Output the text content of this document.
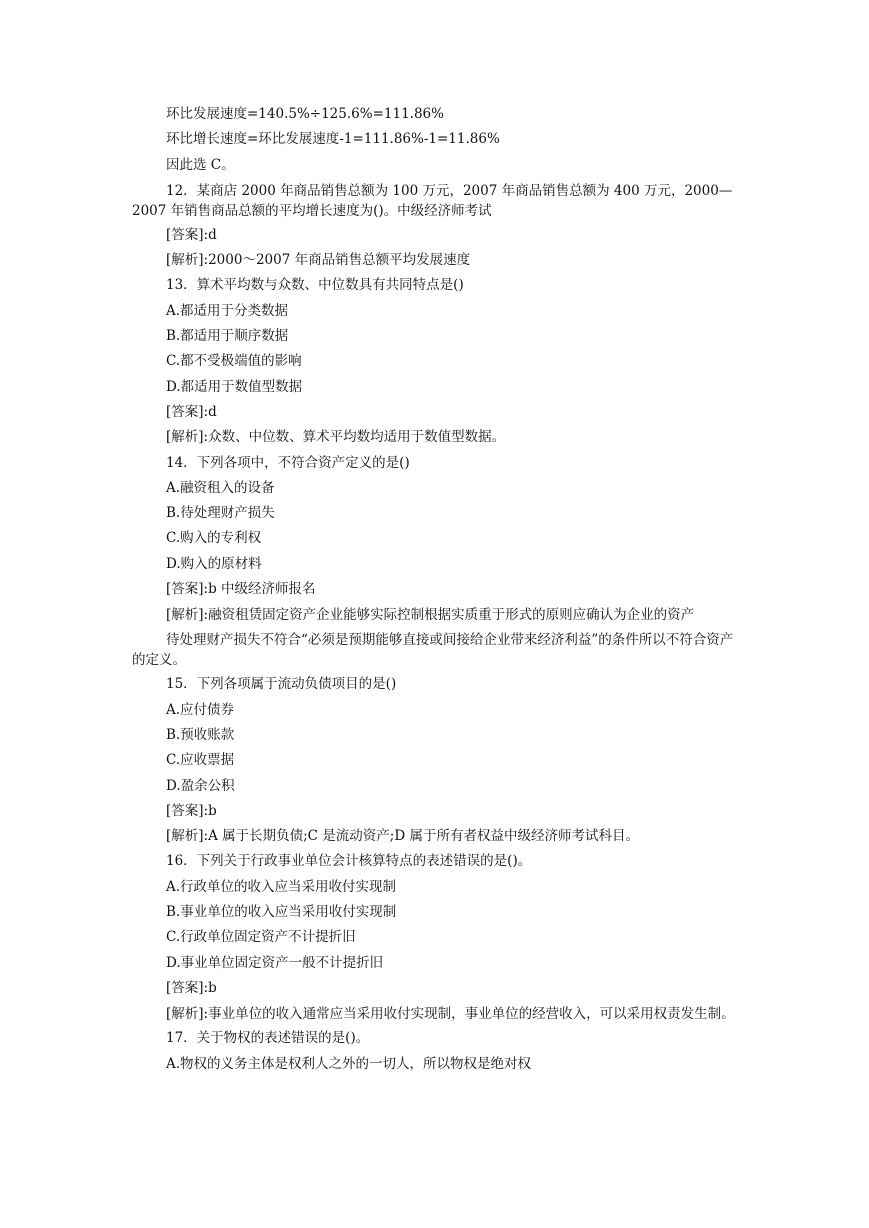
环比发展速度=140.5%÷125.6%=111.86%
环比增长速度=环比发展速度-1=111.86%-1=11.86%
因此选 C。
12．某商店 2000 年商品销售总额为 100 万元，2007 年商品销售总额为 400 万元，2000—2007 年销售商品总额的平均增长速度为()。中级经济师考试
[答案]:d
[解析]:2000～2007 年商品销售总额平均发展速度
13．算术平均数与众数、中位数具有共同特点是()
A.都适用于分类数据
B.都适用于顺序数据
C.都不受极端值的影响
D.都适用于数值型数据
[答案]:d
[解析]:众数、中位数、算术平均数均适用于数值型数据。
14．下列各项中，不符合资产定义的是()
A.融资租入的设备
B.待处理财产损失
C.购入的专利权
D.购入的原材料
[答案]:b 中级经济师报名
[解析]:融资租赁固定资产企业能够实际控制根据实质重于形式的原则应确认为企业的资产
待处理财产损失不符合“必须是预期能够直接或间接给企业带来经济利益”的条件所以不符合资产的定义。
15．下列各项属于流动负债项目的是()
A.应付债券
B.预收账款
C.应收票据
D.盈余公积
[答案]:b
[解析]:A 属于长期负债;C 是流动资产;D 属于所有者权益中级经济师考试科目。
16．下列关于行政事业单位会计核算特点的表述错误的是()。
A.行政单位的收入应当采用收付实现制
B.事业单位的收入应当采用收付实现制
C.行政单位固定资产不计提折旧
D.事业单位固定资产一般不计提折旧
[答案]:b
[解析]:事业单位的收入通常应当采用收付实现制，事业单位的经营收入，可以采用权责发生制。
17．关于物权的表述错误的是()。
A.物权的义务主体是权利人之外的一切人，所以物权是绝对权
